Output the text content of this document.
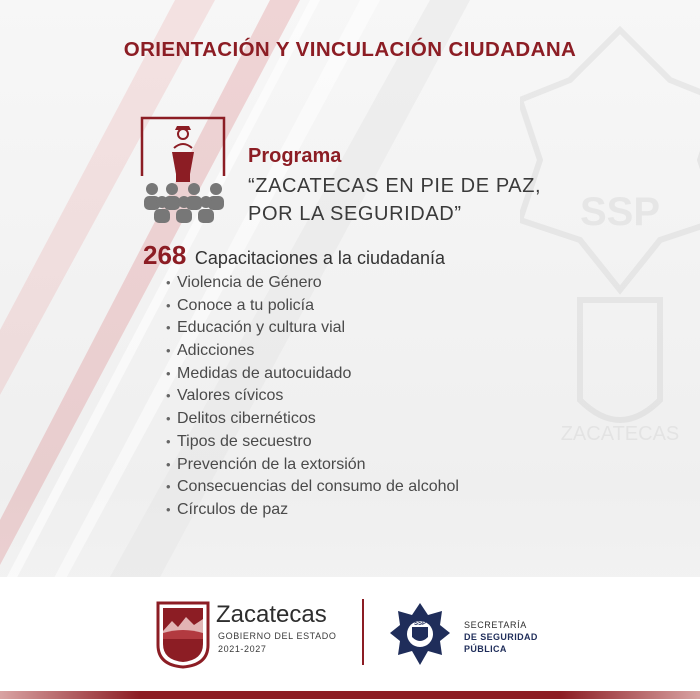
SSP
ZACATECAS
ORIENTACIÓN Y VINCULACIÓN CIUDADANA
Programa
“ZACATECAS EN PIE DE PAZ,
POR LA SEGURIDAD”
268 Capacitaciones a la ciudadanía
• Violencia de Género
• Conoce a tu policía
• Educación y cultura vial
• Adicciones
• Medidas de autocuidado
• Valores cívicos
• Delitos cibernéticos
• Tipos de secuestro
• Prevención de la extorsión
• Consecuencias del consumo de alcohol
• Círculos de paz
Zacatecas
GOBIERNO DEL ESTADO
2021-2027
SSP	SECRETARÍA
DE SEGURIDAD
PÚBLICA
